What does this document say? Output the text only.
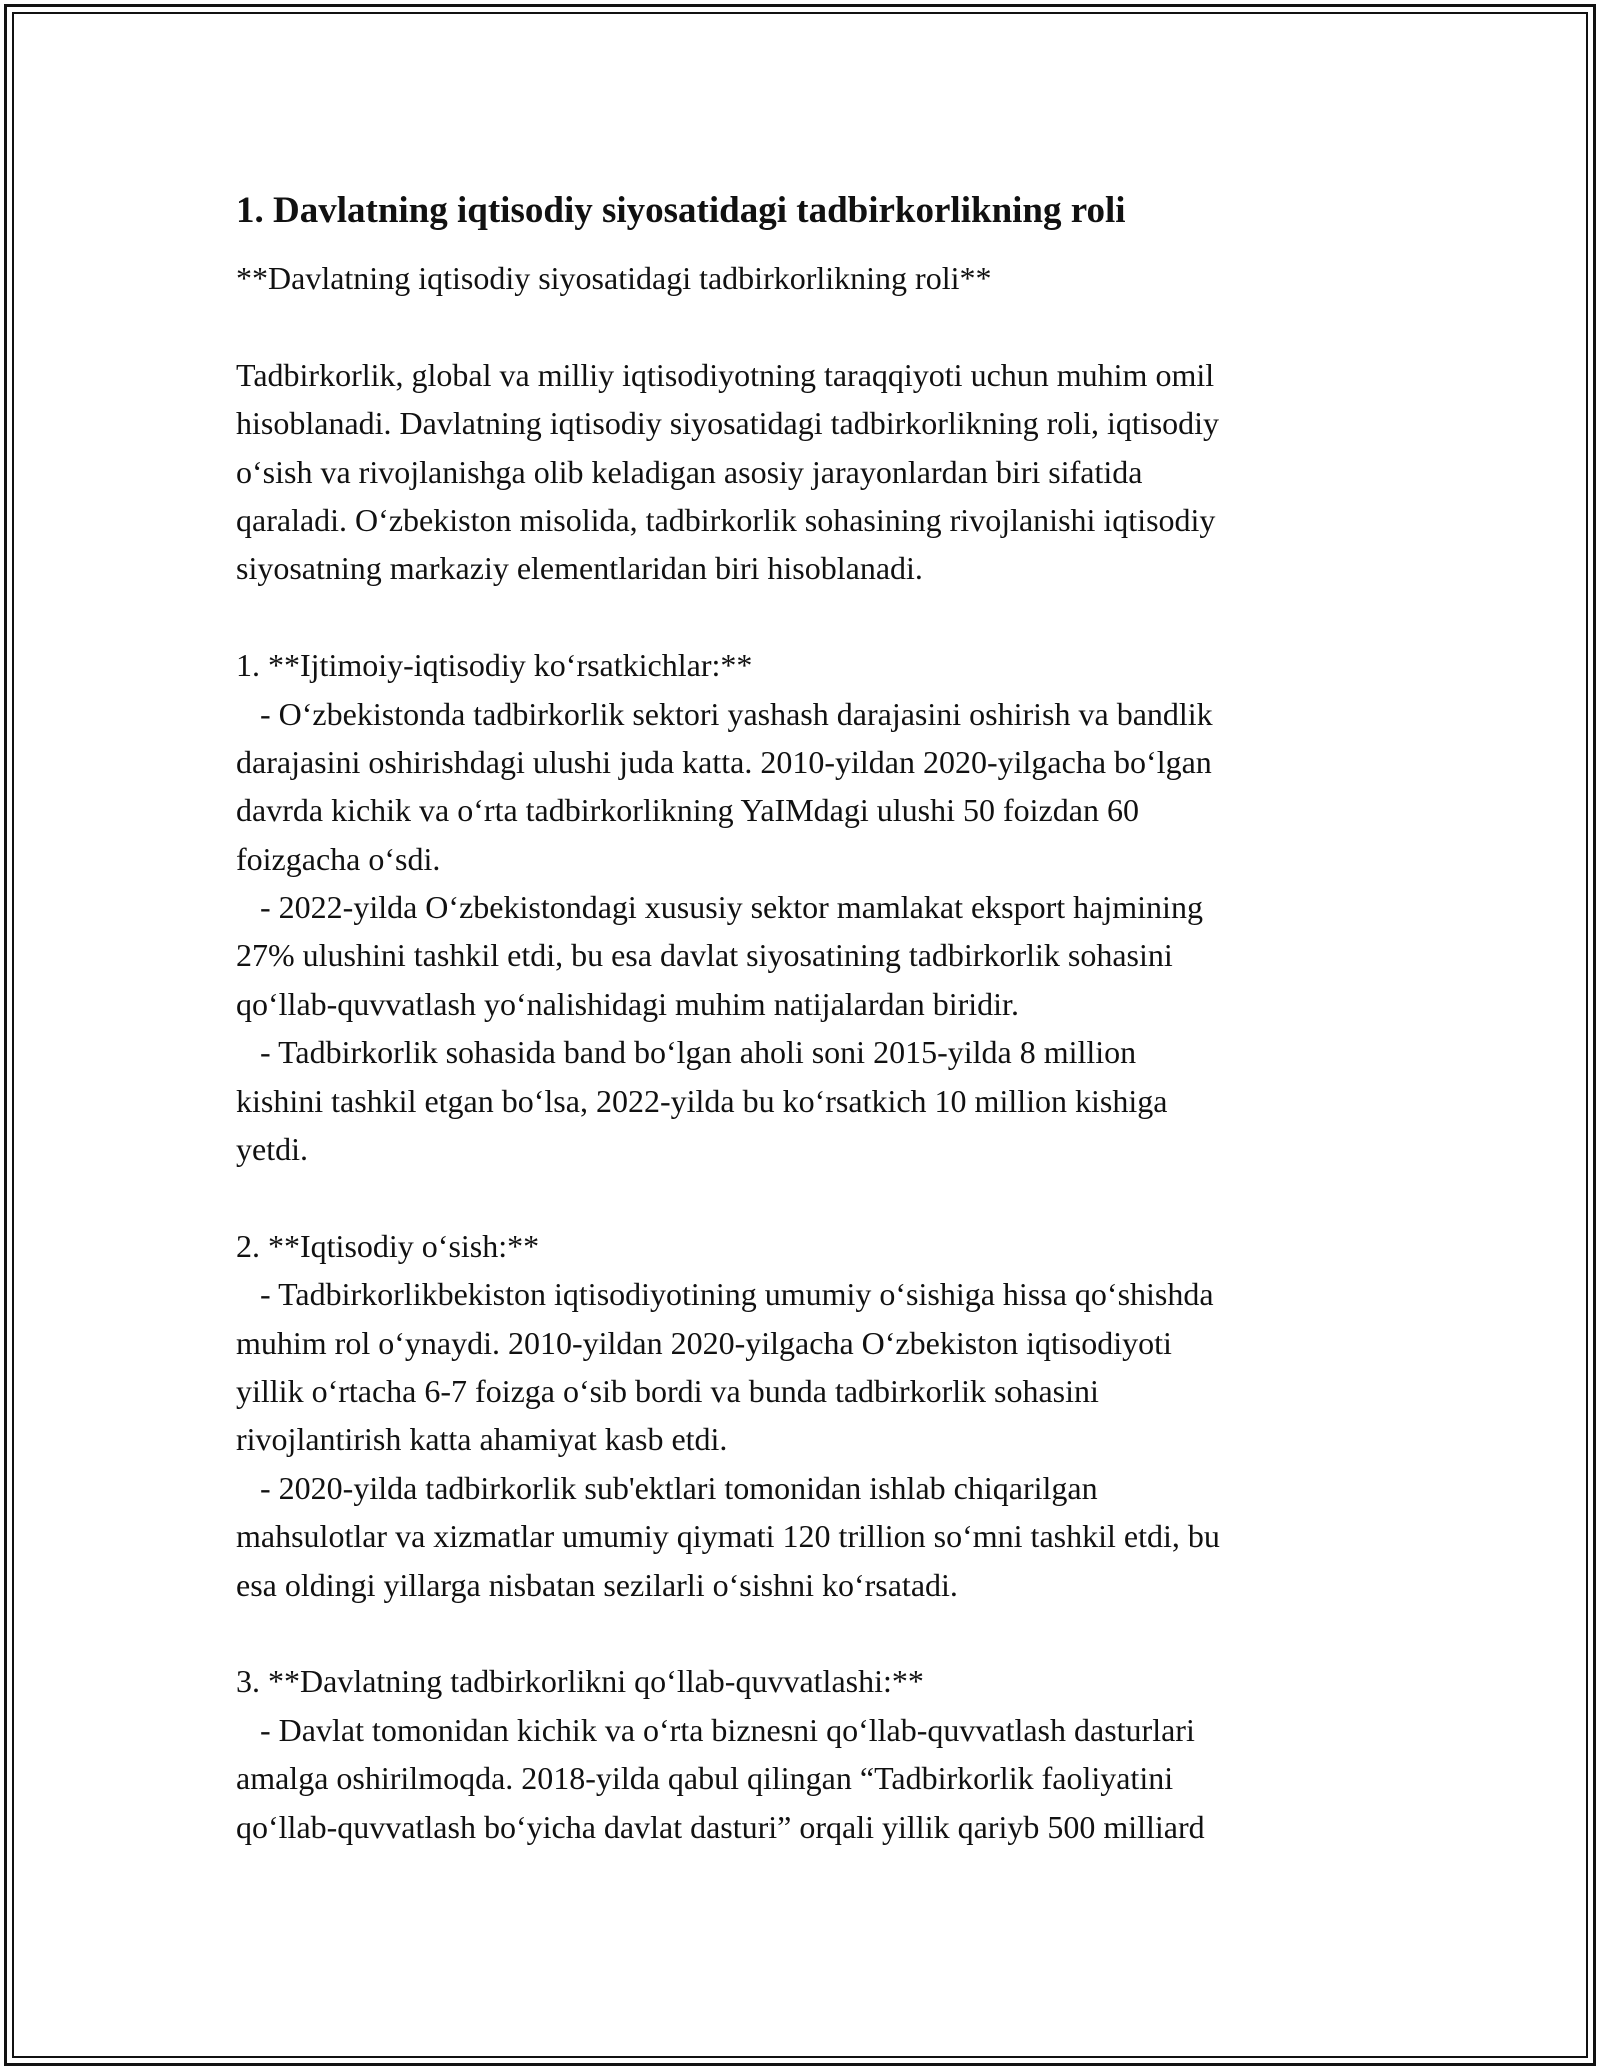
1. Davlatning iqtisodiy siyosatidagi tadbirkorlikning roli
**Davlatning iqtisodiy siyosatidagi tadbirkorlikning roli**
Tadbirkorlik, global va milliy iqtisodiyotning taraqqiyoti uchun muhim omil
hisoblanadi. Davlatning iqtisodiy siyosatidagi tadbirkorlikning roli, iqtisodiy
o‘sish va rivojlanishga olib keladigan asosiy jarayonlardan biri sifatida
qaraladi. O‘zbekiston misolida, tadbirkorlik sohasining rivojlanishi iqtisodiy
siyosatning markaziy elementlaridan biri hisoblanadi.
1. **Ijtimoiy-iqtisodiy ko‘rsatkichlar:**
- O‘zbekistonda tadbirkorlik sektori yashash darajasini oshirish va bandlik
darajasini oshirishdagi ulushi juda katta. 2010-yildan 2020-yilgacha bo‘lgan
davrda kichik va o‘rta tadbirkorlikning YaIMdagi ulushi 50 foizdan 60
foizgacha o‘sdi.
- 2022-yilda O‘zbekistondagi xususiy sektor mamlakat eksport hajmining
27% ulushini tashkil etdi, bu esa davlat siyosatining tadbirkorlik sohasini
qo‘llab-quvvatlash yo‘nalishidagi muhim natijalardan biridir.
- Tadbirkorlik sohasida band bo‘lgan aholi soni 2015-yilda 8 million
kishini tashkil etgan bo‘lsa, 2022-yilda bu ko‘rsatkich 10 million kishiga
yetdi.
2. **Iqtisodiy o‘sish:**
- Tadbirkorlikbekiston iqtisodiyotining umumiy o‘sishiga hissa qo‘shishda
muhim rol o‘ynaydi. 2010-yildan 2020-yilgacha O‘zbekiston iqtisodiyoti
yillik o‘rtacha 6-7 foizga o‘sib bordi va bunda tadbirkorlik sohasini
rivojlantirish katta ahamiyat kasb etdi.
- 2020-yilda tadbirkorlik sub'ektlari tomonidan ishlab chiqarilgan
mahsulotlar va xizmatlar umumiy qiymati 120 trillion so‘mni tashkil etdi, bu
esa oldingi yillarga nisbatan sezilarli o‘sishni ko‘rsatadi.
3. **Davlatning tadbirkorlikni qo‘llab-quvvatlashi:**
- Davlat tomonidan kichik va o‘rta biznesni qo‘llab-quvvatlash dasturlari
amalga oshirilmoqda. 2018-yilda qabul qilingan “Tadbirkorlik faoliyatini
qo‘llab-quvvatlash bo‘yicha davlat dasturi” orqali yillik qariyb 500 milliard
